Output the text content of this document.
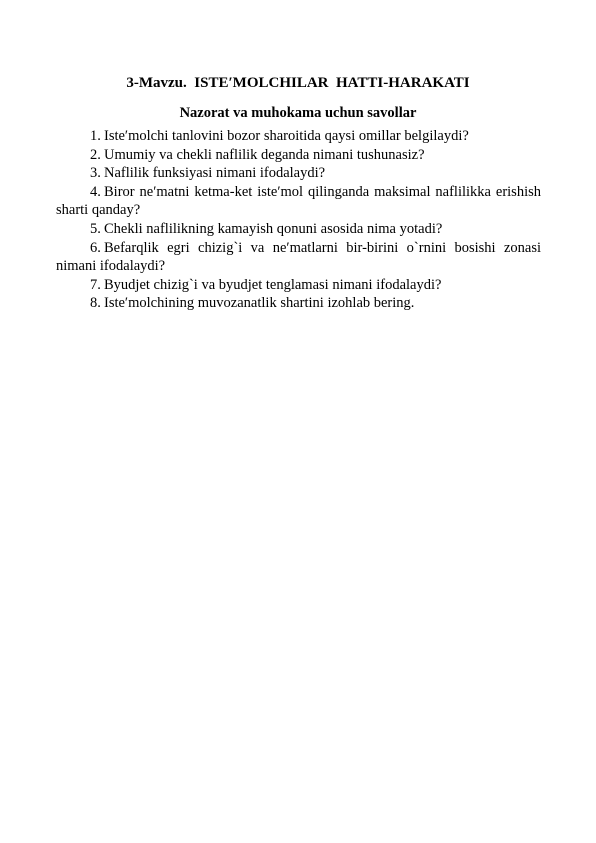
3-Mavzu.  ISTE′MOLCHILAR  HATTI-HARAKATI
Nazorat va muhokama uchun savollar
1. Iste′molchi tanlovini bozor sharoitida qaysi omillar belgilaydi?
2. Umumiy va chekli naflilik deganda nimani tushunasiz?
3. Naflilik funksiyasi nimani ifodalaydi?
4. Biror ne′matni ketma-ket iste′mol qilinganda maksimal naflilikka erishish sharti qanday?
5. Chekli naflilikning kamayish qonuni asosida nima yotadi?
6. Befarqlik egri chizig`i va ne′matlarni bir-birini o`rnini bosishi zonasi nimani ifodalaydi?
7. Byudjet chizig`i va byudjet tenglamasi nimani ifodalaydi?
8. Iste′molchining muvozanatlik shartini izohlab bering.
